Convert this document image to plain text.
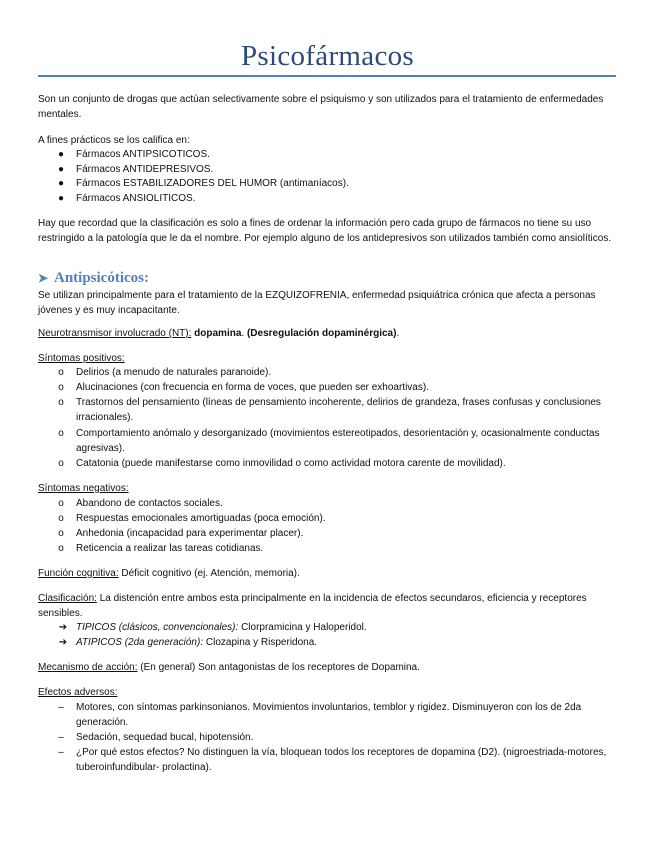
Psicofármacos
Son un conjunto de drogas que actúan selectivamente sobre el psiquismo y son utilizados para el tratamiento de enfermedades mentales.
A fines prácticos se los califica en:
● Fármacos ANTIPSICOTICOS.
● Fármacos ANTIDEPRESIVOS.
● Fármacos ESTABILIZADORES DEL HUMOR (antimaníacos).
● Fármacos ANSIOLITICOS.
Hay que recordad que la clasificación es solo a fines de ordenar la información pero cada grupo de fármacos no tiene su uso restringido a la patología que le da el nombre. Por ejemplo alguno de los antidepresivos son utilizados también como ansiolíticos.
➤ Antipsicóticos:
Se utilizan principalmente para el tratamiento de la EZQUIZOFRENIA, enfermedad psiquiátrica crónica que afecta a personas jóvenes y es muy incapacitante.
Neurotransmisor involucrado (NT): dopamina. (Desregulación dopaminérgica).
Síntomas positivos:
o Delirios (a menudo de naturales paranoide).
o Alucinaciones (con frecuencia en forma de voces, que pueden ser exhoartivas).
o Trastornos del pensamiento (líneas de pensamiento incoherente, delirios de grandeza, frases confusas y conclusiones irracionales).
o Comportamiento anómalo y desorganizado (movimientos estereotipados, desorientación y, ocasionalmente conductas agresivas).
o Catatonia (puede manifestarse como inmovilidad o como actividad motora carente de movilidad).
Síntomas negativos:
o Abandono de contactos sociales.
o Respuestas emocionales amortiguadas (poca emoción).
o Anhedonia (incapacidad para experimentar placer).
o Reticencia a realizar las tareas cotidianas.
Función cognitiva: Déficit cognitivo (ej. Atención, memoria).
Clasificación: La distención entre ambos esta principalmente en la incidencia de efectos secundaros, eficiencia y receptores sensibles.
➔ TIPICOS (clásicos, convencionales): Clorpramicina y Haloperidol.
➔ ATIPICOS (2da generación): Clozapina y Risperidona.
Mecanismo de acción: (En general) Son antagonistas de los receptores de Dopamina.
Efectos adversos:
– Motores, con síntomas parkinsonianos. Movimientos involuntarios, temblor y rigidez. Disminuyeron con los de 2da generación.
– Sedación, sequedad bucal, hipotensión.
– ¿Por qué estos efectos? No distinguen la vía, bloquean todos los receptores de dopamina (D2). (nigroestriada-motores, tuberoinfundibular- prolactina).
